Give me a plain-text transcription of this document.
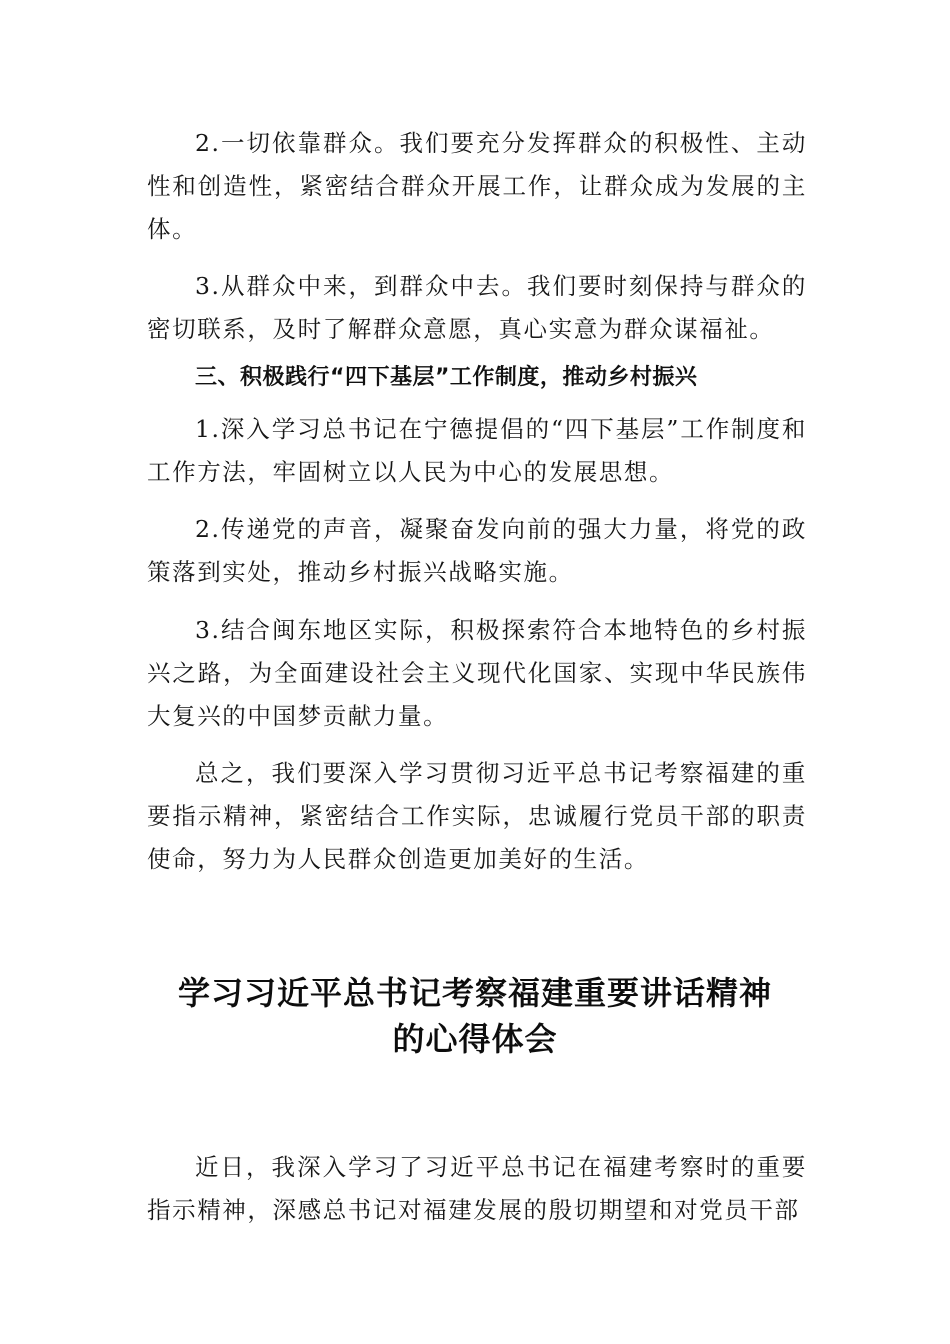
2.一切依靠群众。我们要充分发挥群众的积极性、主动性和创造性，紧密结合群众开展工作，让群众成为发展的主体。

3.从群众中来，到群众中去。我们要时刻保持与群众的密切联系，及时了解群众意愿，真心实意为群众谋福祉。

三、积极践行“四下基层”工作制度，推动乡村振兴

1.深入学习总书记在宁德提倡的“四下基层”工作制度和工作方法，牢固树立以人民为中心的发展思想。

2.传递党的声音，凝聚奋发向前的强大力量，将党的政策落到实处，推动乡村振兴战略实施。

3.结合闽东地区实际，积极探索符合本地特色的乡村振兴之路，为全面建设社会主义现代化国家、实现中华民族伟大复兴的中国梦贡献力量。

总之，我们要深入学习贯彻习近平总书记考察福建的重要指示精神，紧密结合工作实际，忠诚履行党员干部的职责使命，努力为人民群众创造更加美好的生活。

学习习近平总书记考察福建重要讲话精神
的心得体会

近日，我深入学习了习近平总书记在福建考察时的重要指示精神，深感总书记对福建发展的殷切期望和对党员干部
